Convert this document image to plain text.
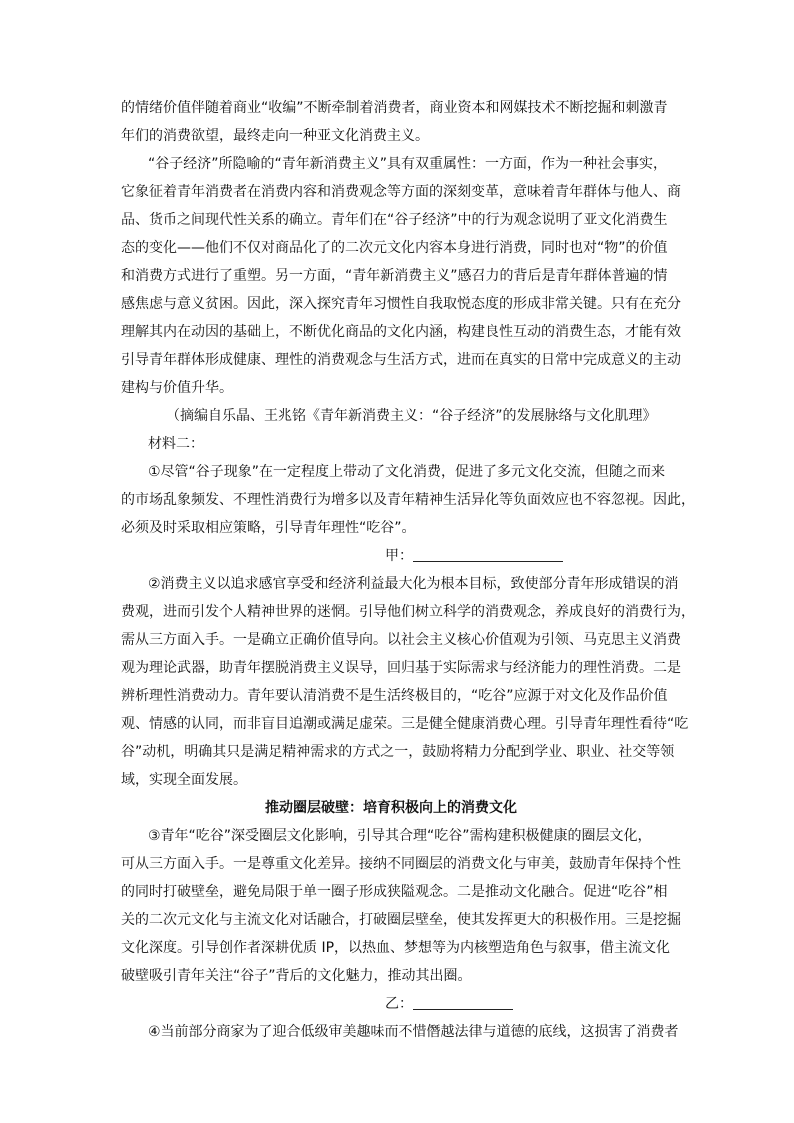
的情绪价值伴随着商业“收编”不断牵制着消费者，商业资本和网媒技术不断挖掘和刺激青
年们的消费欲望，最终走向一种亚文化消费主义。
“谷子经济”所隐喻的“青年新消费主义”具有双重属性：一方面，作为一种社会事实，
它象征着青年消费者在消费内容和消费观念等方面的深刻变革，意味着青年群体与他人、商
品、货币之间现代性关系的确立。青年们在“谷子经济”中的行为观念说明了亚文化消费生
态的变化——他们不仅对商品化了的二次元文化内容本身进行消费，同时也对“物”的价值
和消费方式进行了重塑。另一方面，“青年新消费主义”感召力的背后是青年群体普遍的情
感焦虑与意义贫困。因此，深入探究青年习惯性自我取悦态度的形成非常关键。只有在充分
理解其内在动因的基础上，不断优化商品的文化内涵，构建良性互动的消费生态，才能有效
引导青年群体形成健康、理性的消费观念与生活方式，进而在真实的日常中完成意义的主动
建构与价值升华。
（摘编自乐晶、王兆铭《青年新消费主义：“谷子经济”的发展脉络与文化肌理》
材料二：
①尽管“谷子现象”在一定程度上带动了文化消费，促进了多元文化交流，但随之而来
的市场乱象频发、不理性消费行为增多以及青年精神生活异化等负面效应也不容忽视。因此，
必须及时采取相应策略，引导青年理性“吃谷”。
甲：
②消费主义以追求感官享受和经济利益最大化为根本目标，致使部分青年形成错误的消
费观，进而引发个人精神世界的迷惘。引导他们树立科学的消费观念，养成良好的消费行为，
需从三方面入手。一是确立正确价值导向。以社会主义核心价值观为引领、马克思主义消费
观为理论武器，助青年摆脱消费主义误导，回归基于实际需求与经济能力的理性消费。二是
辨析理性消费动力。青年要认清消费不是生活终极目的，“吃谷”应源于对文化及作品价值
观、情感的认同，而非盲目追潮或满足虚荣。三是健全健康消费心理。引导青年理性看待“吃
谷”动机，明确其只是满足精神需求的方式之一，鼓励将精力分配到学业、职业、社交等领
域，实现全面发展。
推动圈层破壁：培育积极向上的消费文化
③青年“吃谷”深受圈层文化影响，引导其合理“吃谷”需构建积极健康的圈层文化，
可从三方面入手。一是尊重文化差异。接纳不同圈层的消费文化与审美，鼓励青年保持个性
的同时打破壁垒，避免局限于单一圈子形成狭隘观念。二是推动文化融合。促进“吃谷”相
关的二次元文化与主流文化对话融合，打破圈层壁垒，使其发挥更大的积极作用。三是挖掘
文化深度。引导创作者深耕优质 IP，以热血、梦想等为内核塑造角色与叙事，借主流文化
破壁吸引青年关注“谷子”背后的文化魅力，推动其出圈。
乙：
④当前部分商家为了迎合低级审美趣味而不惜僭越法律与道德的底线，这损害了消费者
